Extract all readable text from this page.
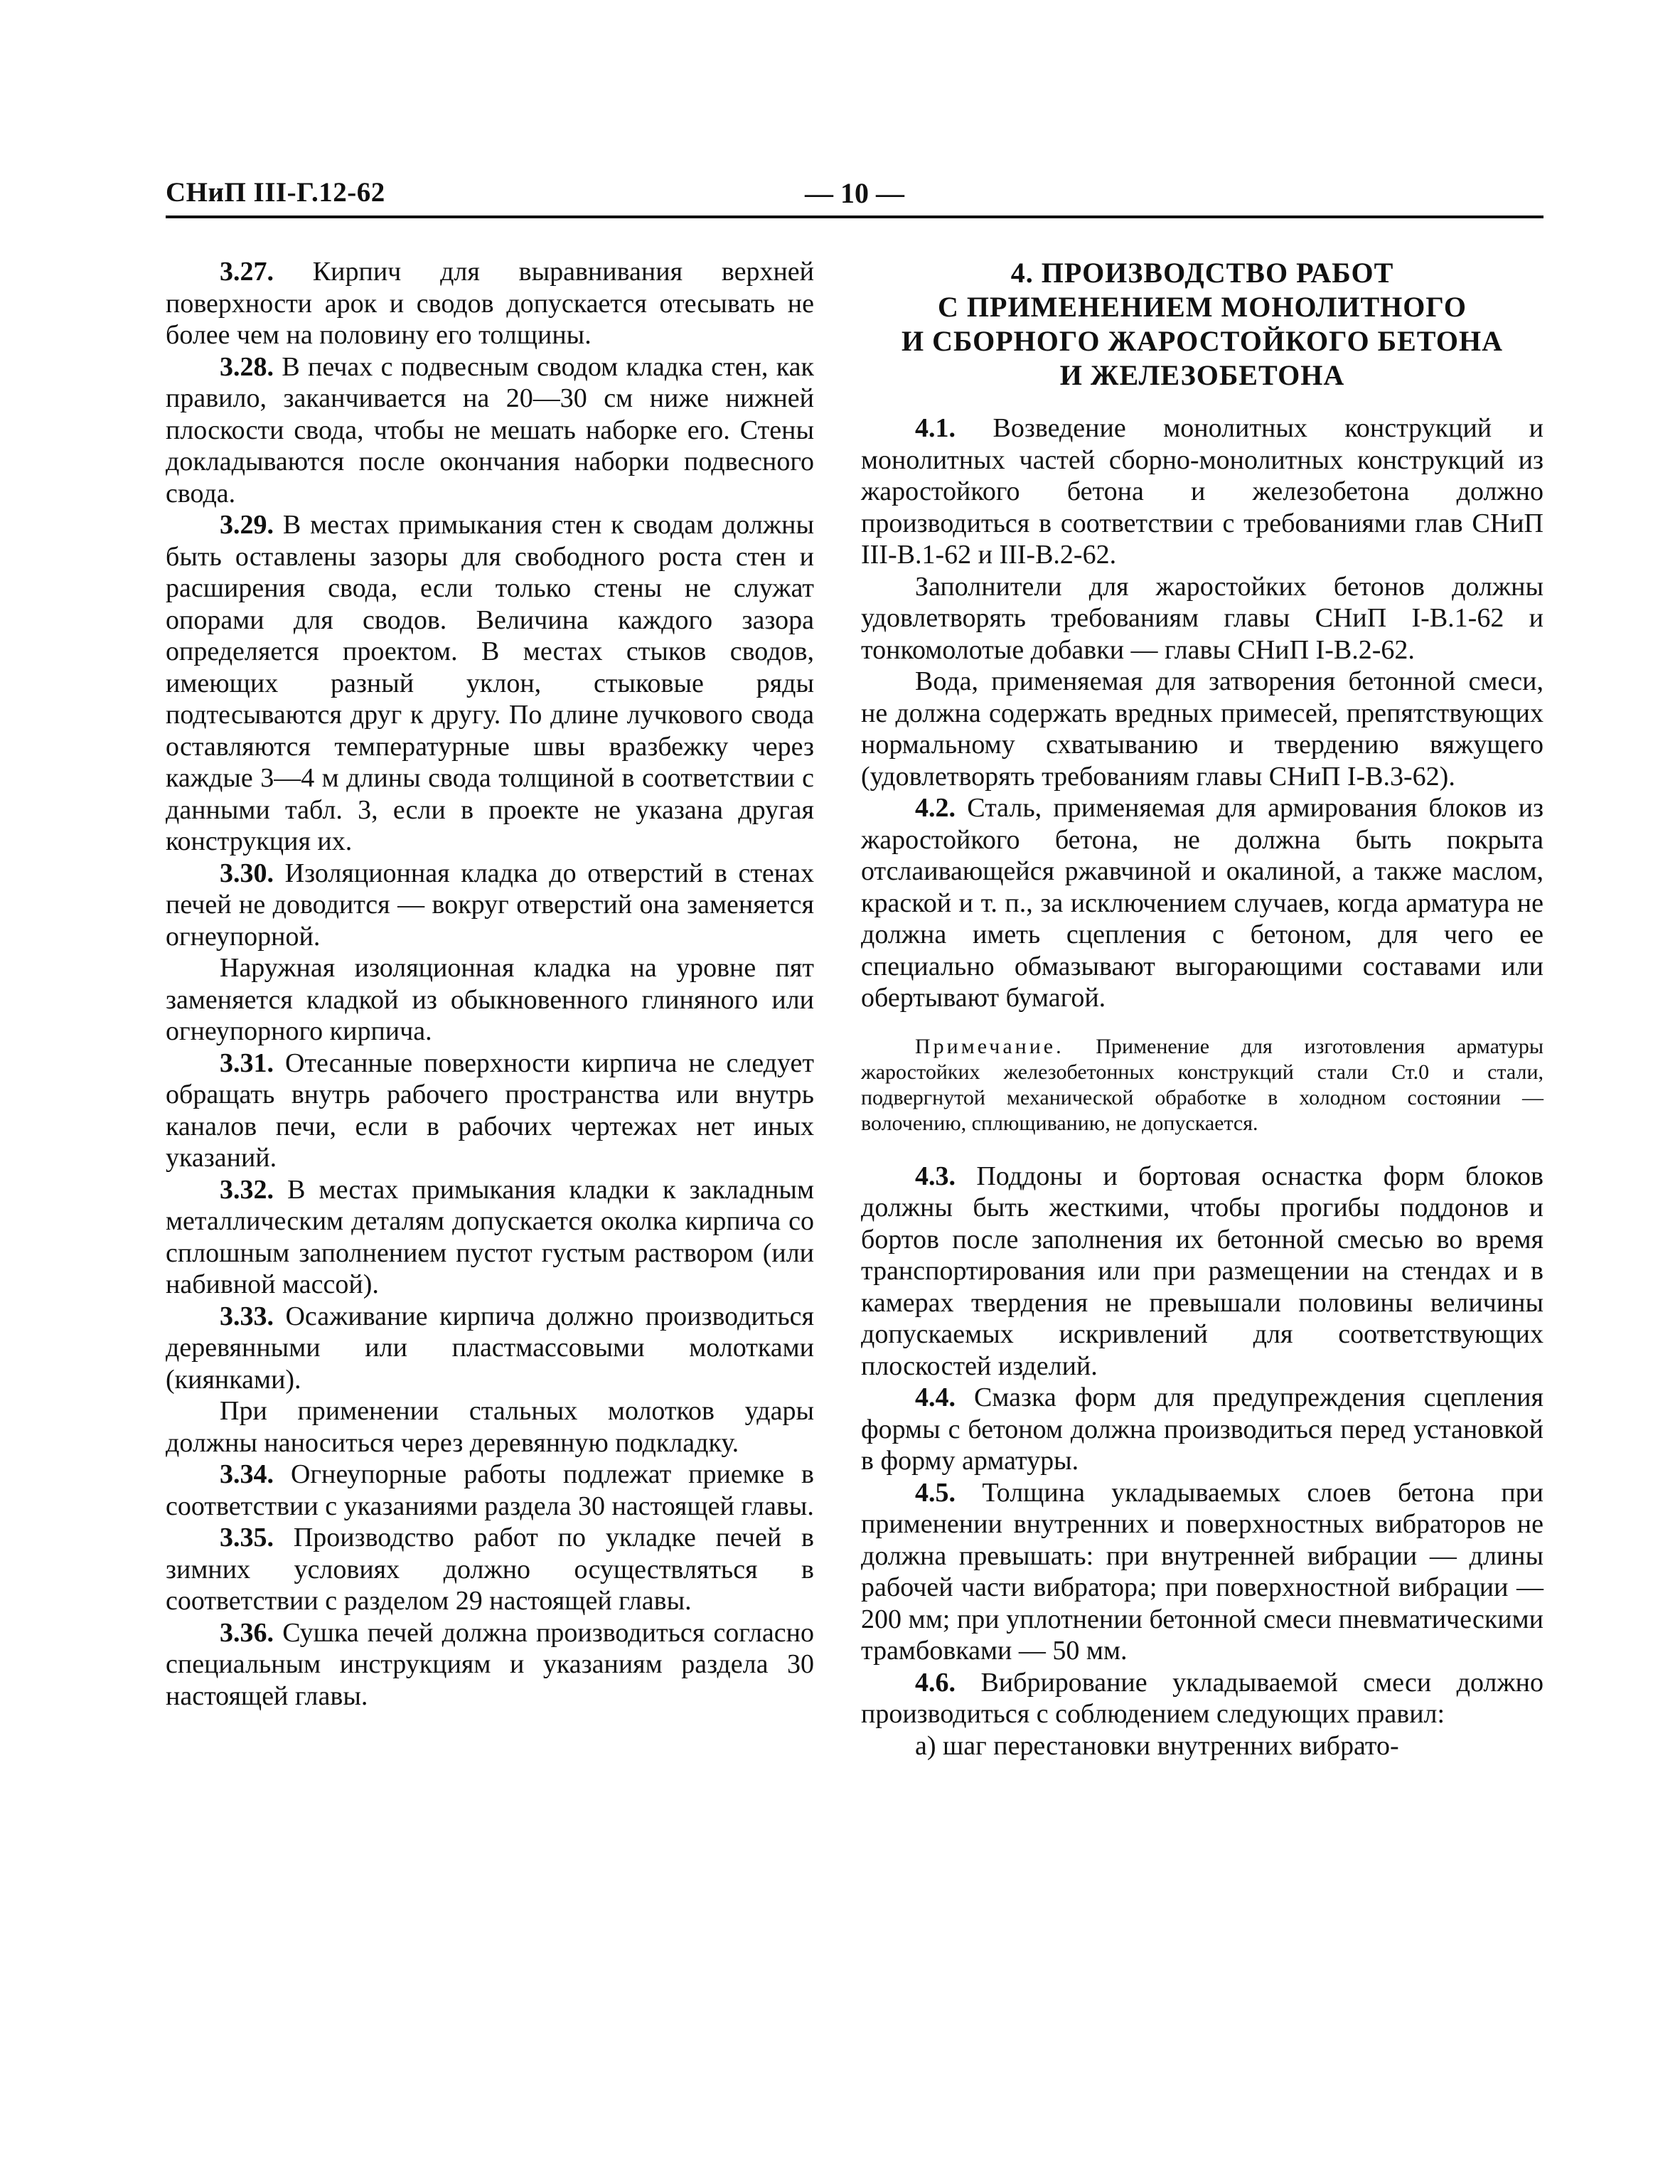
СНиП III-Г.12-62	— 10 —

3.27. Кирпич для выравнивания верхней поверхности арок и сводов допускается отесывать не более чем на половину его толщины.

3.28. В печах с подвесным сводом кладка стен, как правило, заканчивается на 20—30 см ниже нижней плоскости свода, чтобы не мешать наборке его. Стены докладываются после окончания наборки подвесного свода.

3.29. В местах примыкания стен к сводам должны быть оставлены зазоры для свободного роста стен и расширения свода, если только стены не служат опорами для сводов. Величина каждого зазора определяется проектом. В местах стыков сводов, имеющих разный уклон, стыковые ряды подтесываются друг к другу. По длине лучкового свода оставляются температурные швы вразбежку через каждые 3—4 м длины свода толщиной в соответствии с данными табл. 3, если в проекте не указана другая конструкция их.

3.30. Изоляционная кладка до отверстий в стенах печей не доводится — вокруг отверстий она заменяется огнеупорной.

Наружная изоляционная кладка на уровне пят заменяется кладкой из обыкновенного глиняного или огнеупорного кирпича.

3.31. Отесанные поверхности кирпича не следует обращать внутрь рабочего пространства или внутрь каналов печи, если в рабочих чертежах нет иных указаний.

3.32. В местах примыкания кладки к закладным металлическим деталям допускается околка кирпича со сплошным заполнением пустот густым раствором (или набивной массой).

3.33. Осаживание кирпича должно производиться деревянными или пластмассовыми молотками (киянками).

При применении стальных молотков удары должны наноситься через деревянную подкладку.

3.34. Огнеупорные работы подлежат приемке в соответствии с указаниями раздела 30 настоящей главы.

3.35. Производство работ по укладке печей в зимних условиях должно осуществляться в соответствии с разделом 29 настоящей главы.

3.36. Сушка печей должна производиться согласно специальным инструкциям и указаниям раздела 30 настоящей главы.

4. ПРОИЗВОДСТВО РАБОТ
С ПРИМЕНЕНИЕМ МОНОЛИТНОГО
И СБОРНОГО ЖАРОСТОЙКОГО БЕТОНА
И ЖЕЛЕЗОБЕТОНА

4.1. Возведение монолитных конструкций и монолитных частей сборно-монолитных конструкций из жаростойкого бетона и железобетона должно производиться в соответствии с требованиями глав СНиП III-В.1-62 и III-В.2-62.

Заполнители для жаростойких бетонов должны удовлетворять требованиям главы СНиП I-В.1-62 и тонкомолотые добавки — главы СНиП I-В.2-62.

Вода, применяемая для затворения бетонной смеси, не должна содержать вредных примесей, препятствующих нормальному схватыванию и твердению вяжущего (удовлетворять требованиям главы СНиП I-В.3-62).

4.2. Сталь, применяемая для армирования блоков из жаростойкого бетона, не должна быть покрыта отслаивающейся ржавчиной и окалиной, а также маслом, краской и т. п., за исключением случаев, когда арматура не должна иметь сцепления с бетоном, для чего ее специально обмазывают выгорающими составами или обертывают бумагой.

Примечание. Применение для изготовления арматуры жаростойких железобетонных конструкций стали Ст.0 и стали, подвергнутой механической обработке в холодном состоянии — волочению, сплющиванию, не допускается.

4.3. Поддоны и бортовая оснастка форм блоков должны быть жесткими, чтобы прогибы поддонов и бортов после заполнения их бетонной смесью во время транспортирования или при размещении на стендах и в камерах твердения не превышали половины величины допускаемых искривлений для соответствующих плоскостей изделий.

4.4. Смазка форм для предупреждения сцепления формы с бетоном должна производиться перед установкой в форму арматуры.

4.5. Толщина укладываемых слоев бетона при применении внутренних и поверхностных вибраторов не должна превышать: при внутренней вибрации — длины рабочей части вибратора; при поверхностной вибрации — 200 мм; при уплотнении бетонной смеси пневматическими трамбовками — 50 мм.

4.6. Вибрирование укладываемой смеси должно производиться с соблюдением следующих правил:

а) шаг перестановки внутренних вибрато-
